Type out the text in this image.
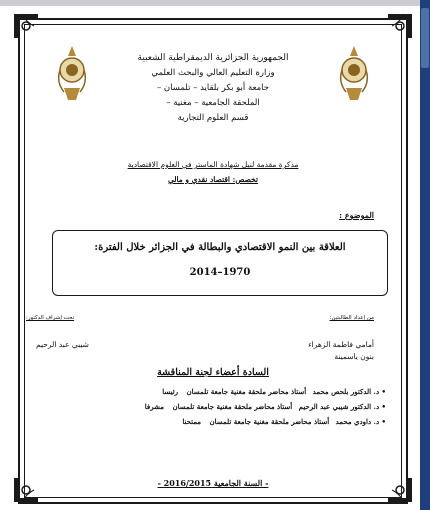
الجمهورية الجزائرية الديمقراطية الشعبية
وزارة التعليم العالي والبحث العلمي
جامعة أبو بكر بلقايد – تلمسان –
الملحقة الجامعية – مغنية –
قسم العلوم التجارية
مذكرة مقدمة لنيل شهادة الماستر في العلوم الاقتصادية
تخصص: اقتصاد نقدي و مالي
الموضوع :
العلاقة بين النمو الاقتصادي والبطالة في الجزائر خلال الفترة:
2014–1970
من إعداد الطالبتين:
تحت إشراف الدكتور:
أمامي فاطمة الزهراء
بنون ياسمينة
شيبي عبد الرحيم
السادة أعضاء لجنة المناقشة
• د. الدكتور بلحص محمد أستاذ محاضر ملحقة مغنية جامعة تلمسان رئيسا
• د. الدكتور شيبي عبد الرحيم أستاذ محاضر ملحقة مغنية جامعة تلمسان مشرفا
• د. داودي محمد أستاذ محاضر ملحقة مغنية جامعة تلمسان ممتحنا
- السنة الجامعية 2016/2015 -
